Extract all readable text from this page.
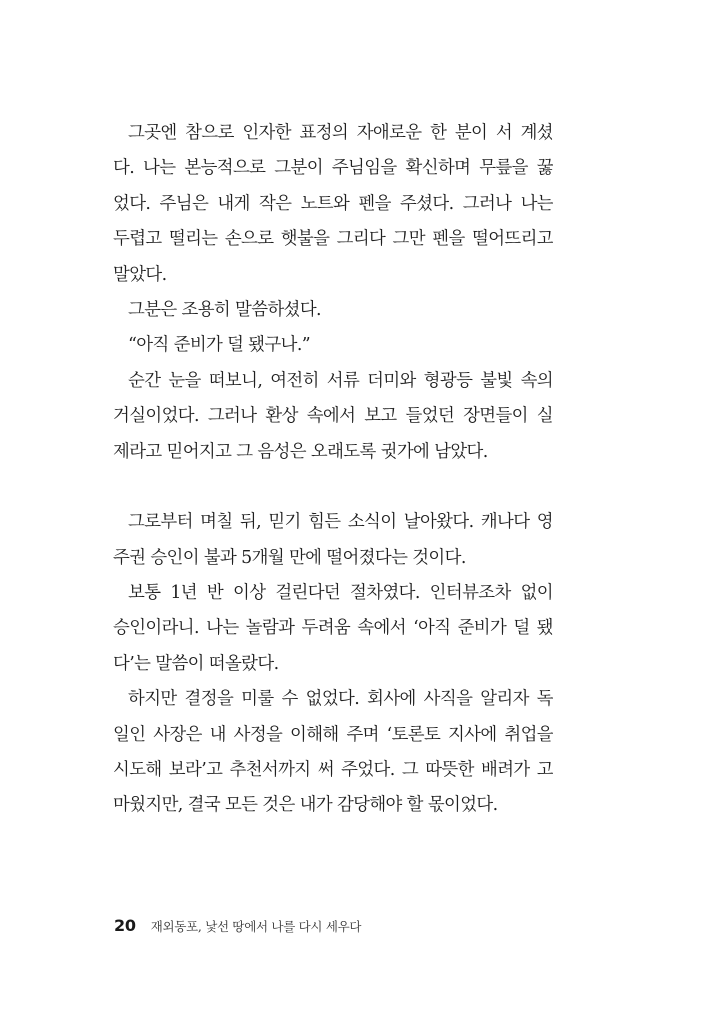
그곳엔 참으로 인자한 표정의 자애로운 한 분이 서 계셨
다. 나는 본능적으로 그분이 주님임을 확신하며 무릎을 꿇
었다. 주님은 내게 작은 노트와 펜을 주셨다. 그러나 나는
두렵고 떨리는 손으로 햇불을 그리다 그만 펜을 떨어뜨리고
말았다.
그분은 조용히 말씀하셨다.
“아직 준비가 덜 됐구나.”
순간 눈을 떠보니, 여전히 서류 더미와 형광등 불빛 속의
거실이었다. 그러나 환상 속에서 보고 들었던 장면들이 실
제라고 믿어지고 그 음성은 오래도록 귓가에 남았다.
그로부터 며칠 뒤, 믿기 힘든 소식이 날아왔다. 캐나다 영
주권 승인이 불과 5개월 만에 떨어졌다는 것이다.
보통 1년 반 이상 걸린다던 절차였다. 인터뷰조차 없이
승인이라니. 나는 놀람과 두려움 속에서 ‘아직 준비가 덜 됐
다’는 말씀이 떠올랐다.
하지만 결정을 미룰 수 없었다. 회사에 사직을 알리자 독
일인 사장은 내 사정을 이해해 주며 ‘토론토 지사에 취업을
시도해 보라’고 추천서까지 써 주었다. 그 따뜻한 배려가 고
마웠지만, 결국 모든 것은 내가 감당해야 할 몫이었다.
20 재외동포, 낯선 땅에서 나를 다시 세우다
